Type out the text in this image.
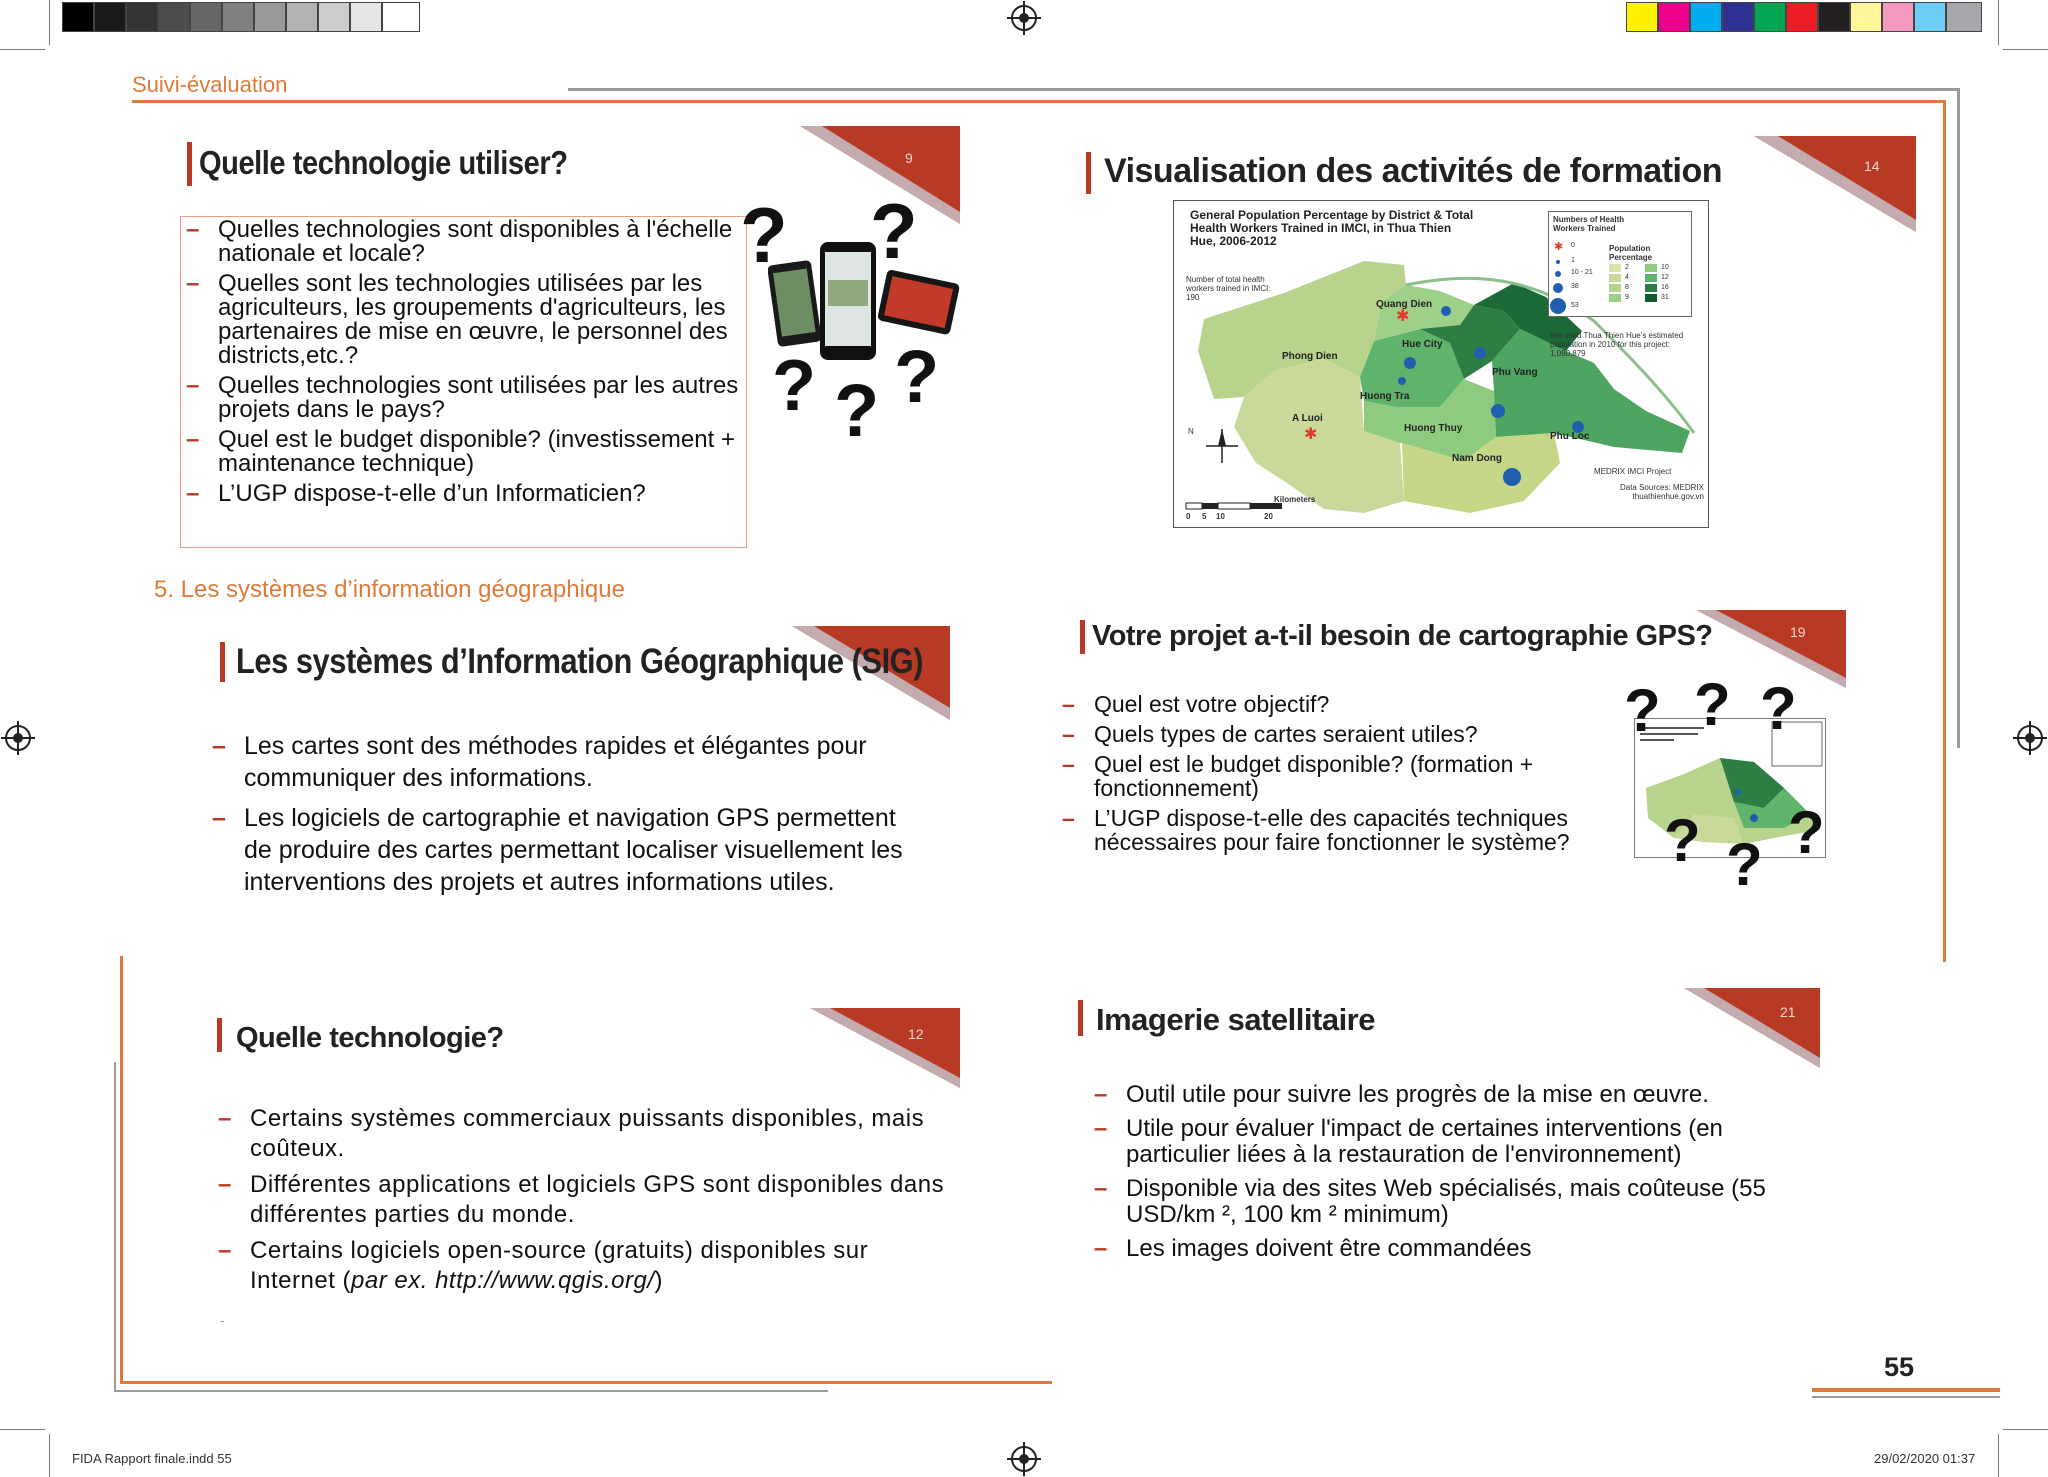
Suivi-évaluation
9
Quelle technologie utiliser?
– Quelles technologies sont disponibles à l'échelle nationale et locale?
– Quelles sont les technologies utilisées par les agriculteurs, les groupements d'agriculteurs, les partenaires de mise en œuvre, le personnel des districts,etc.?
– Quelles technologies sont utilisées par les autres projets dans le pays?
– Quel est le budget disponible? (investissement + maintenance technique)
– L’UGP dispose-t-elle d’un Informaticien?
? ?
? ? ?
14
Visualisation des activités de formation
General Population Percentage by District & Total Health Workers Trained in IMCI, in Thua Thien Hue, 2006-2012
Number of total health workers trained in IMCI: 190
✱
✱
N
Quang Dien
Phong Dien
Hue City
Phu Vang
Huong Tra
A Luoi
Huong Thuy
Phu Loc
Nam Dong
Numbers of Health Workers Trained
Population Percentage
✱ 0
1
10 - 21
38
53
2
4
8
9
10
12
16
31
We used Thua Thien Hue's estimated population in 2010 for this project: 1,090,879
MEDRIX IMCI Project
Data Sources: MEDRIX thuathienhue.gov.vn
Kilometers
0 5 10	20
5. Les systèmes d’information géographique
Les systèmes d’Information Géographique (SIG)
– Les cartes sont des méthodes rapides et élégantes pour communiquer des informations.
– Les logiciels de cartographie et navigation GPS permettent de produire des cartes permettant localiser visuellement les interventions des projets et autres informations utiles.
19
Votre projet a-t-il besoin de cartographie GPS?
– Quel est votre objectif?
– Quels types de cartes seraient utiles?
– Quel est le budget disponible? (formation + fonctionnement)
– L’UGP dispose-t-elle des capacités techniques nécessaires pour faire fonctionner le système?
? ? ?
? ? ?
12
Quelle technologie?
– Certains systèmes commerciaux puissants disponibles, mais coûteux.
– Différentes applications et logiciels GPS sont disponibles dans différentes parties du monde.
– Certains logiciels open-source (gratuits) disponibles sur Internet (par ex. http://www.qgis.org/)
-
21
Imagerie satellitaire
– Outil utile pour suivre les progrès de la mise en œuvre.
– Utile pour évaluer l'impact de certaines interventions (en particulier liées à la restauration de l'environnement)
– Disponible via des sites Web spécialisés, mais coûteuse (55 USD/km ², 100 km ² minimum)
– Les images doivent être commandées
55
FIDA Rapport finale.indd 55	29/02/2020 01:37
